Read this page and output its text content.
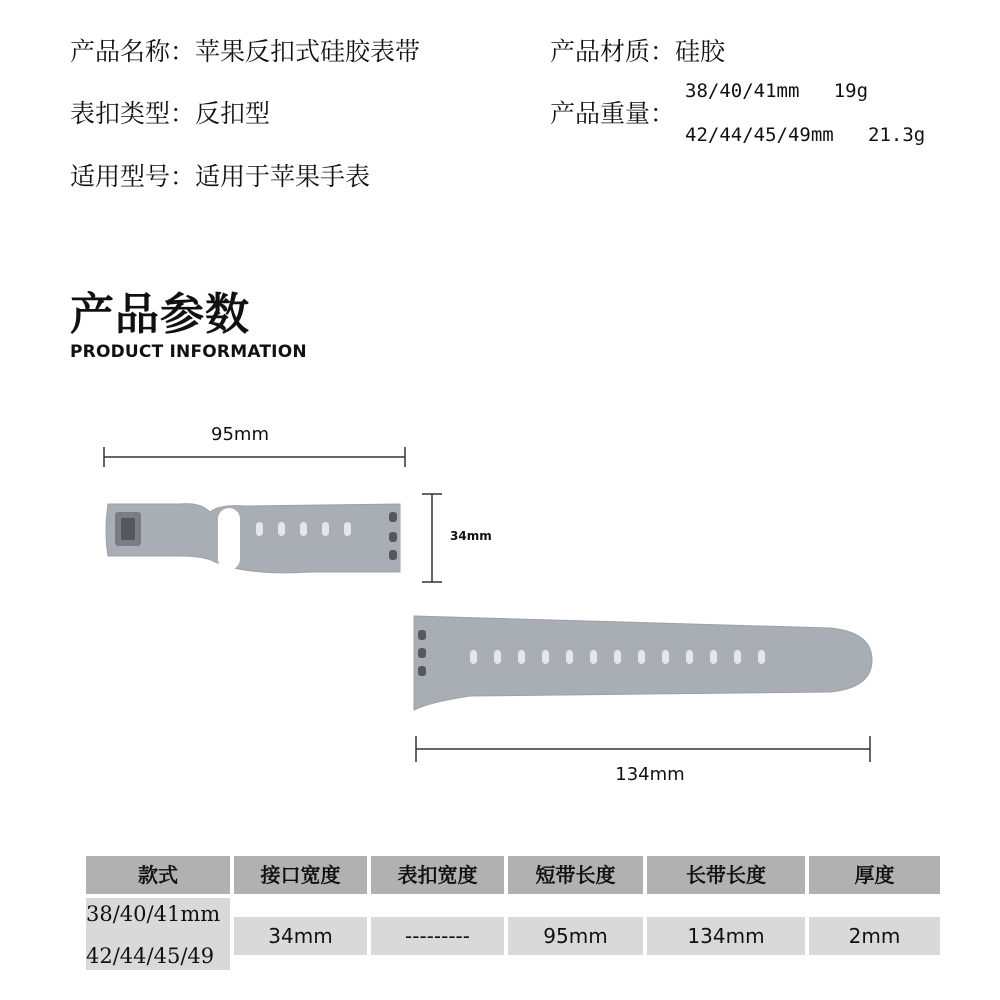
产品名称：苹果反扣式硅胶表带
表扣类型：反扣型
适用型号：适用于苹果手表
产品材质：硅胶
产品重量：
38/40/41mm   19g
42/44/45/49mm   21.3g
产品参数
PRODUCT INFORMATION
95mm
34mm
134mm
款式	接口宽度	表扣宽度	短带长度	长带长度	厚度
38/40/41mm
42/44/45/49
34mm	---------	95mm	134mm	2mm
